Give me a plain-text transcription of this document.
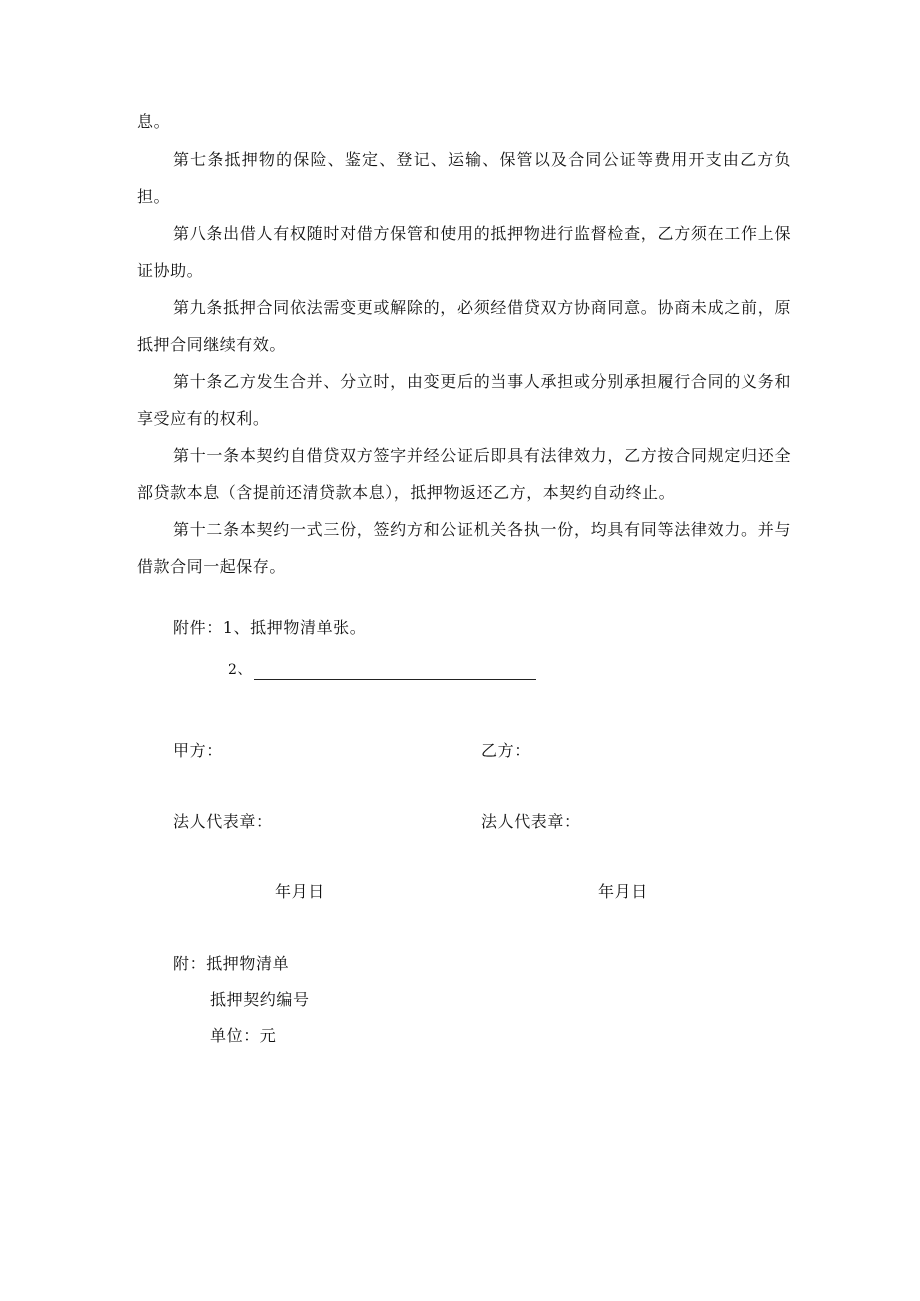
息。
第七条抵押物的保险、鉴定、登记、运输、保管以及合同公证等费用开支由乙方负担。
第八条出借人有权随时对借方保管和使用的抵押物进行监督检查，乙方须在工作上保证协助。
第九条抵押合同依法需变更或解除的，必须经借贷双方协商同意。协商未成之前，原抵押合同继续有效。
第十条乙方发生合并、分立时，由变更后的当事人承担或分别承担履行合同的义务和享受应有的权利。
第十一条本契约自借贷双方签字并经公证后即具有法律效力，乙方按合同规定归还全部贷款本息（含提前还清贷款本息），抵押物返还乙方，本契约自动终止。
第十二条本契约一式三份，签约方和公证机关各执一份，均具有同等法律效力。并与借款合同一起保存。
附件：1、抵押物清单张。
2、
甲方：	乙方：
法人代表章：	法人代表章：
年月日	年月日
附：抵押物清单
抵押契约编号
单位：元
